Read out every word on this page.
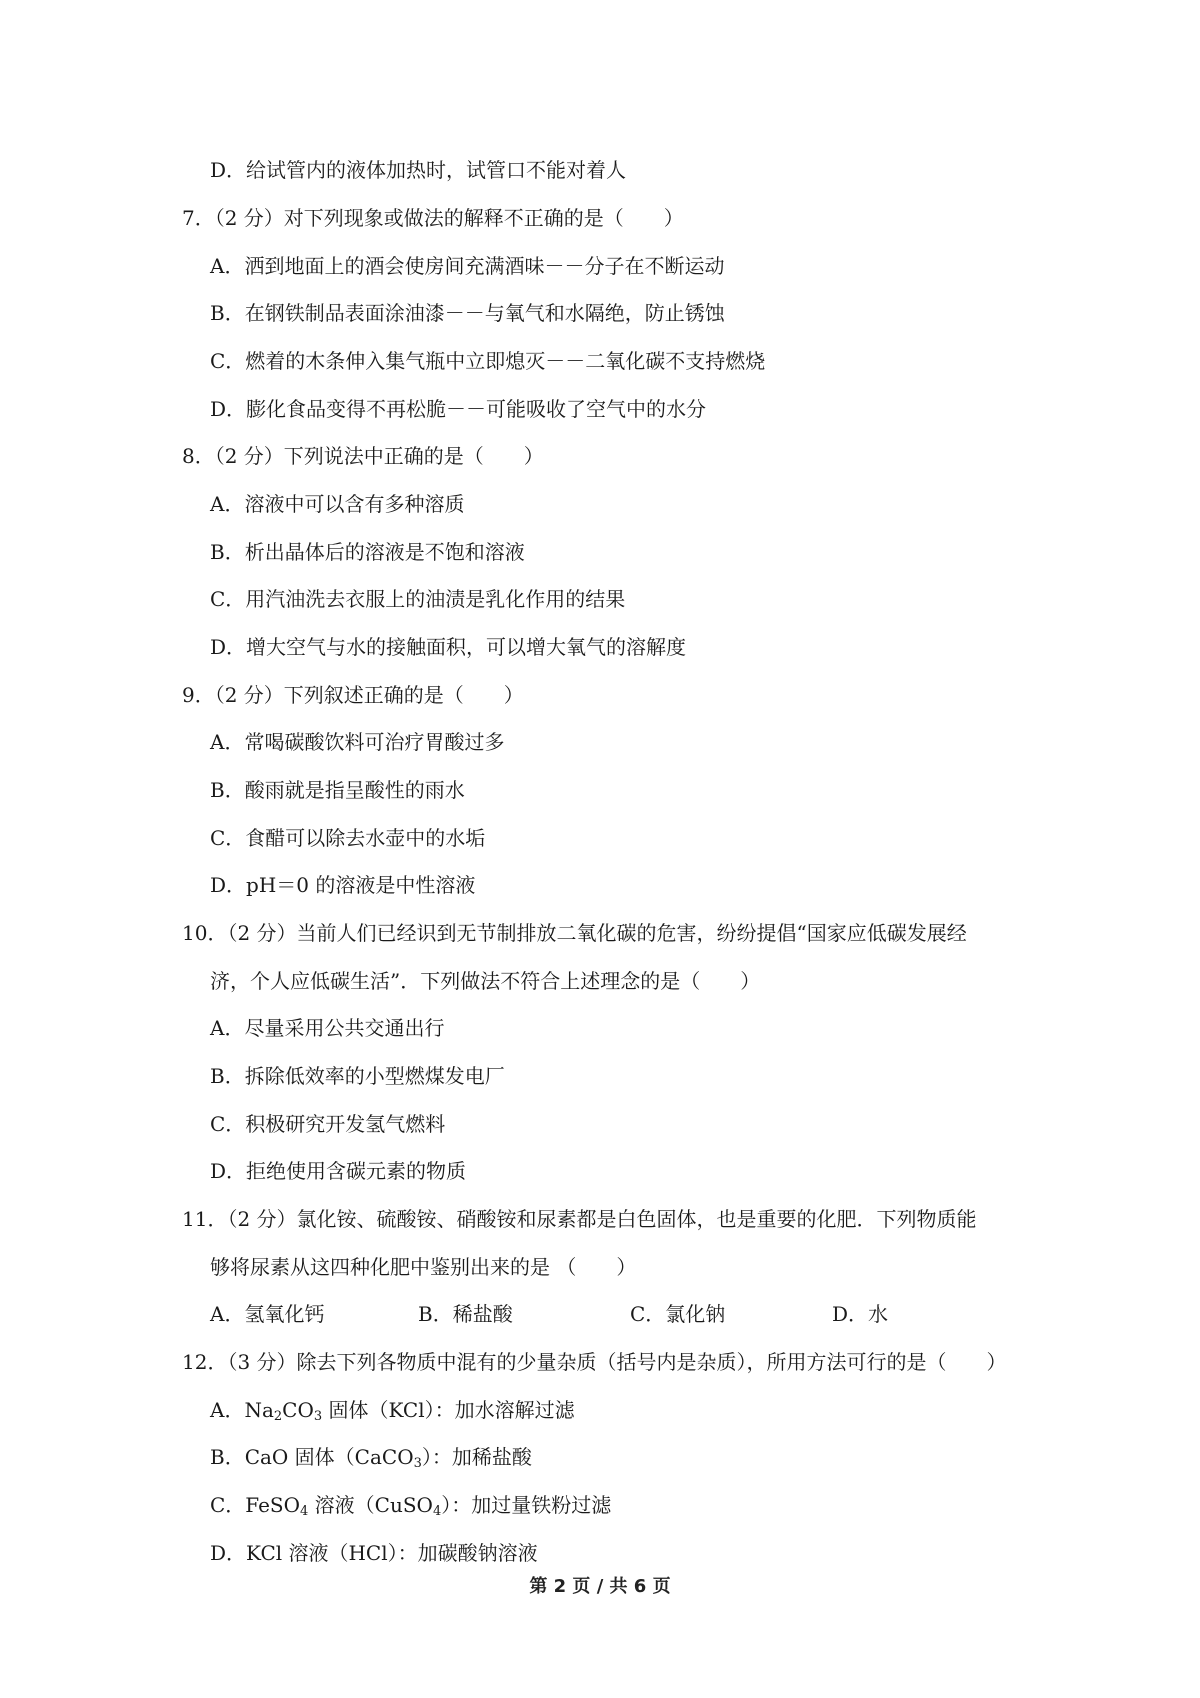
D．给试管内的液体加热时，试管口不能对着人
7．（2 分）对下列现象或做法的解释不正确的是（　　）
A．洒到地面上的酒会使房间充满酒味－－分子在不断运动
B．在钢铁制品表面涂油漆－－与氧气和水隔绝，防止锈蚀
C．燃着的木条伸入集气瓶中立即熄灭－－二氧化碳不支持燃烧
D．膨化食品变得不再松脆－－可能吸收了空气中的水分
8．（2 分）下列说法中正确的是（　　）
A．溶液中可以含有多种溶质
B．析出晶体后的溶液是不饱和溶液
C．用汽油洗去衣服上的油渍是乳化作用的结果
D．增大空气与水的接触面积，可以增大氧气的溶解度
9．（2 分）下列叙述正确的是（　　）
A．常喝碳酸饮料可治疗胃酸过多
B．酸雨就是指呈酸性的雨水
C．食醋可以除去水壶中的水垢
D．pH＝0 的溶液是中性溶液
10．（2 分）当前人们已经识到无节制排放二氧化碳的危害，纷纷提倡“国家应低碳发展经
济，个人应低碳生活”．下列做法不符合上述理念的是（　　）
A．尽量采用公共交通出行
B．拆除低效率的小型燃煤发电厂
C．积极研究开发氢气燃料
D．拒绝使用含碳元素的物质
11．（2 分）氯化铵、硫酸铵、硝酸铵和尿素都是白色固体，也是重要的化肥．下列物质能
够将尿素从这四种化肥中鉴别出来的是 （　　）
A．氢氧化钙	B．稀盐酸	C．氯化钠	D．水
12．（3 分）除去下列各物质中混有的少量杂质（括号内是杂质），所用方法可行的是（　　）
A．$Na_2CO_3$ 固体（KCl）：加水溶解过滤
B．CaO 固体（CaCO$_3$）：加稀盐酸
C．FeSO$_4$ 溶液（CuSO$_4$）：加过量铁粉过滤
D．KCl 溶液（HCl）：加碳酸钠溶液
第 2 页 / 共 6 页
